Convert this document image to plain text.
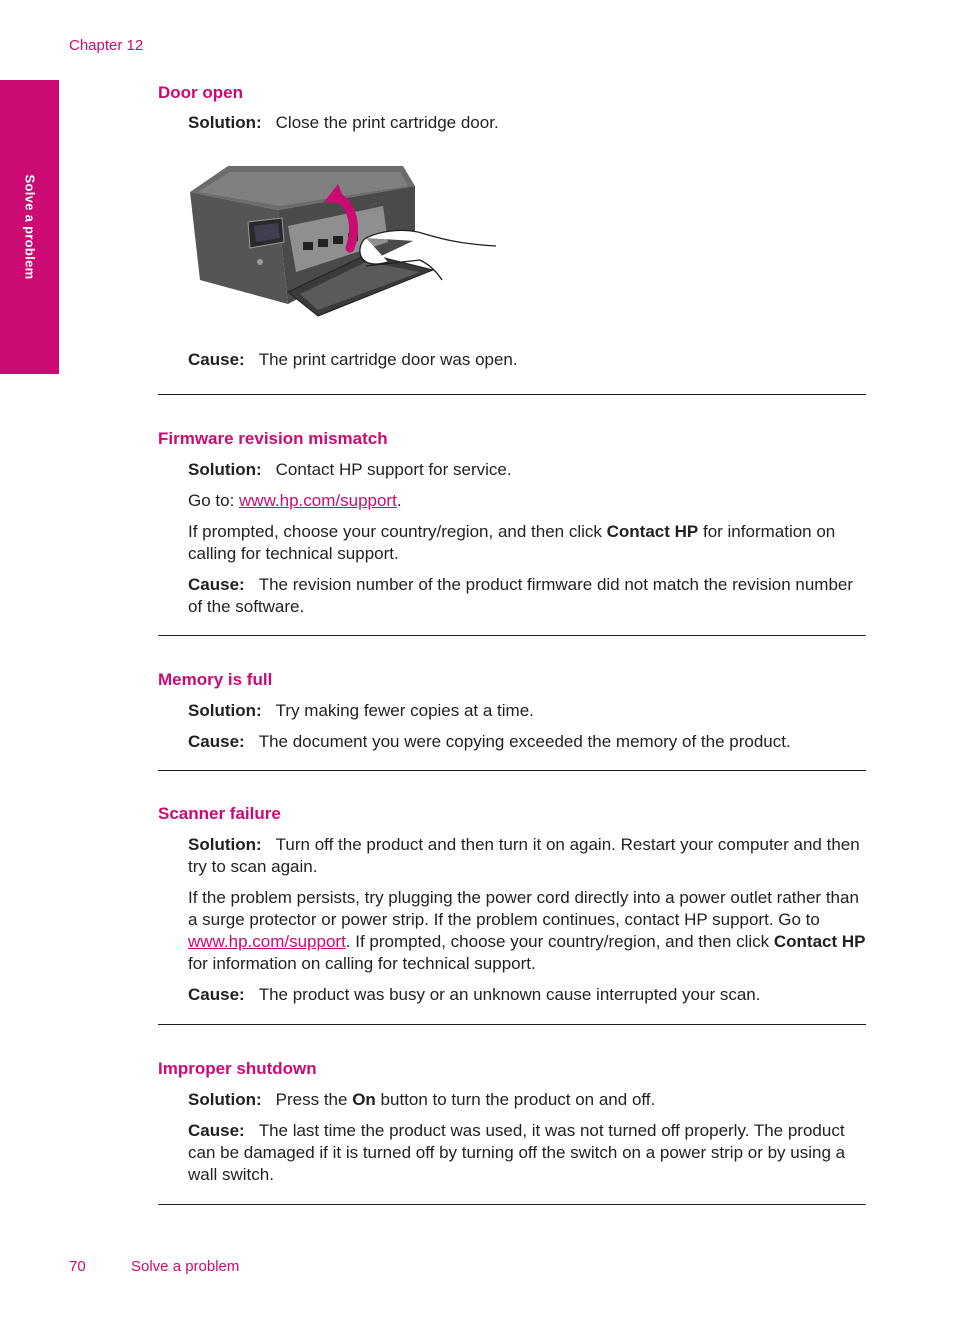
Chapter 12
Solve a problem
Door open

Solution: Close the print cartridge door.

Cause: The print cartridge door was open.

Firmware revision mismatch

Solution: Contact HP support for service.

Go to: www.hp.com/support.

If prompted, choose your country/region, and then click Contact HP for information on calling for technical support.

Cause: The revision number of the product firmware did not match the revision number of the software.

Memory is full

Solution: Try making fewer copies at a time.

Cause: The document you were copying exceeded the memory of the product.

Scanner failure

Solution: Turn off the product and then turn it on again. Restart your computer and then try to scan again.

If the problem persists, try plugging the power cord directly into a power outlet rather than a surge protector or power strip. If the problem continues, contact HP support. Go to www.hp.com/support. If prompted, choose your country/region, and then click Contact HP for information on calling for technical support.

Cause: The product was busy or an unknown cause interrupted your scan.

Improper shutdown

Solution: Press the On button to turn the product on and off.

Cause: The last time the product was used, it was not turned off properly. The product can be damaged if it is turned off by turning off the switch on a power strip or by using a wall switch.

70	Solve a problem
